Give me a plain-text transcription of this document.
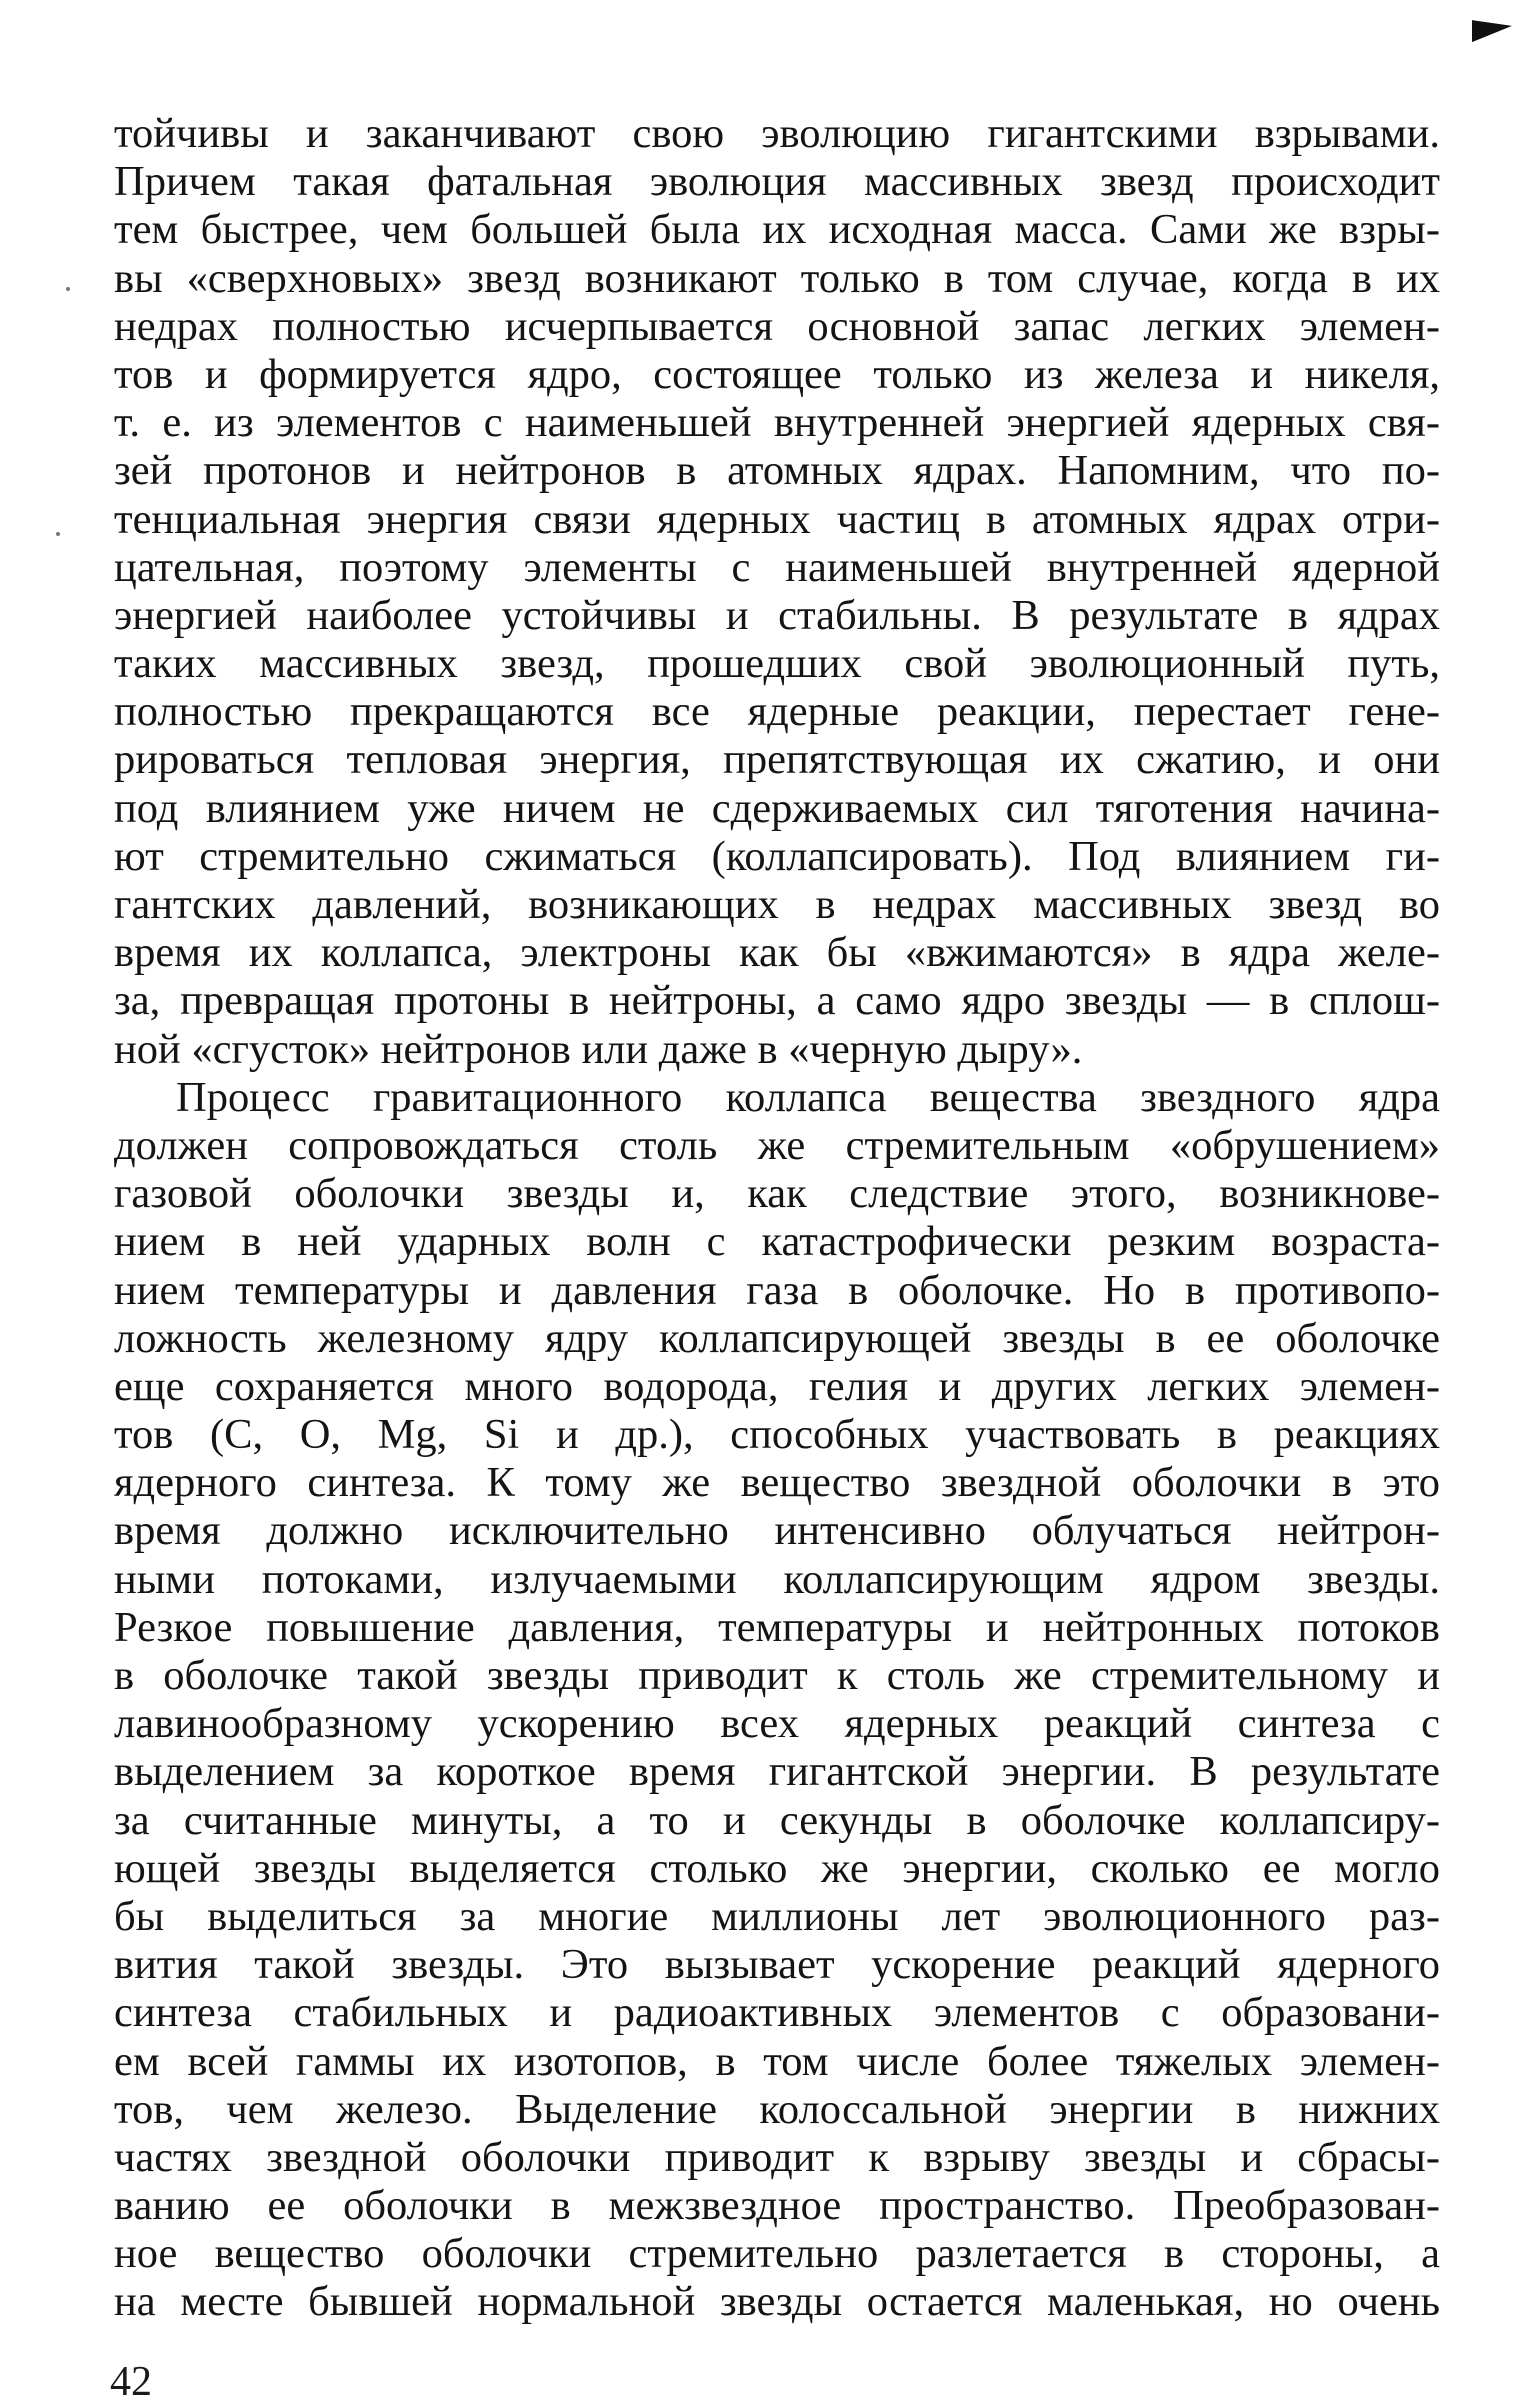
тойчивы и заканчивают свою эволюцию гигантскими взрывами.
Причем такая фатальная эволюция массивных звезд происходит
тем быстрее, чем большей была их исходная масса. Сами же взры-
вы «сверхновых» звезд возникают только в том случае, когда в их
недрах полностью исчерпывается основной запас легких элемен-
тов и формируется ядро, состоящее только из железа и никеля,
т. е. из элементов с наименьшей внутренней энергией ядерных свя-
зей протонов и нейтронов в атомных ядрах. Напомним, что по-
тенциальная энергия связи ядерных частиц в атомных ядрах отри-
цательная, поэтому элементы с наименьшей внутренней ядерной
энергией наиболее устойчивы и стабильны. В результате в ядрах
таких массивных звезд, прошедших свой эволюционный путь,
полностью прекращаются все ядерные реакции, перестает гене-
рироваться тепловая энергия, препятствующая их сжатию, и они
под влиянием уже ничем не сдерживаемых сил тяготения начина-
ют стремительно сжиматься (коллапсировать). Под влиянием ги-
гантских давлений, возникающих в недрах массивных звезд во
время их коллапса, электроны как бы «вжимаются» в ядра желе-
за, превращая протоны в нейтроны, а само ядро звезды — в сплош-
ной «сгусток» нейтронов или даже в «черную дыру».
Процесс гравитационного коллапса вещества звездного ядра
должен сопровождаться столь же стремительным «обрушением»
газовой оболочки звезды и, как следствие этого, возникнове-
нием в ней ударных волн с катастрофически резким возраста-
нием температуры и давления газа в оболочке. Но в противопо-
ложность железному ядру коллапсирующей звезды в ее оболочке
еще сохраняется много водорода, гелия и других легких элемен-
тов (С, О, Mg, Si и др.), способных участвовать в реакциях
ядерного синтеза. К тому же вещество звездной оболочки в это
время должно исключительно интенсивно облучаться нейтрон-
ными потоками, излучаемыми коллапсирующим ядром звезды.
Резкое повышение давления, температуры и нейтронных потоков
в оболочке такой звезды приводит к столь же стремительному и
лавинообразному ускорению всех ядерных реакций синтеза с
выделением за короткое время гигантской энергии. В результате
за считанные минуты, а то и секунды в оболочке коллапсиру-
ющей звезды выделяется столько же энергии, сколько ее могло
бы выделиться за многие миллионы лет эволюционного раз-
вития такой звезды. Это вызывает ускорение реакций ядерного
синтеза стабильных и радиоактивных элементов с образовани-
ем всей гаммы их изотопов, в том числе более тяжелых элемен-
тов, чем железо. Выделение колоссальной энергии в нижних
частях звездной оболочки приводит к взрыву звезды и сбрасы-
ванию ее оболочки в межзвездное пространство. Преобразован-
ное вещество оболочки стремительно разлетается в стороны, а
на месте бывшей нормальной звезды остается маленькая, но очень
42
